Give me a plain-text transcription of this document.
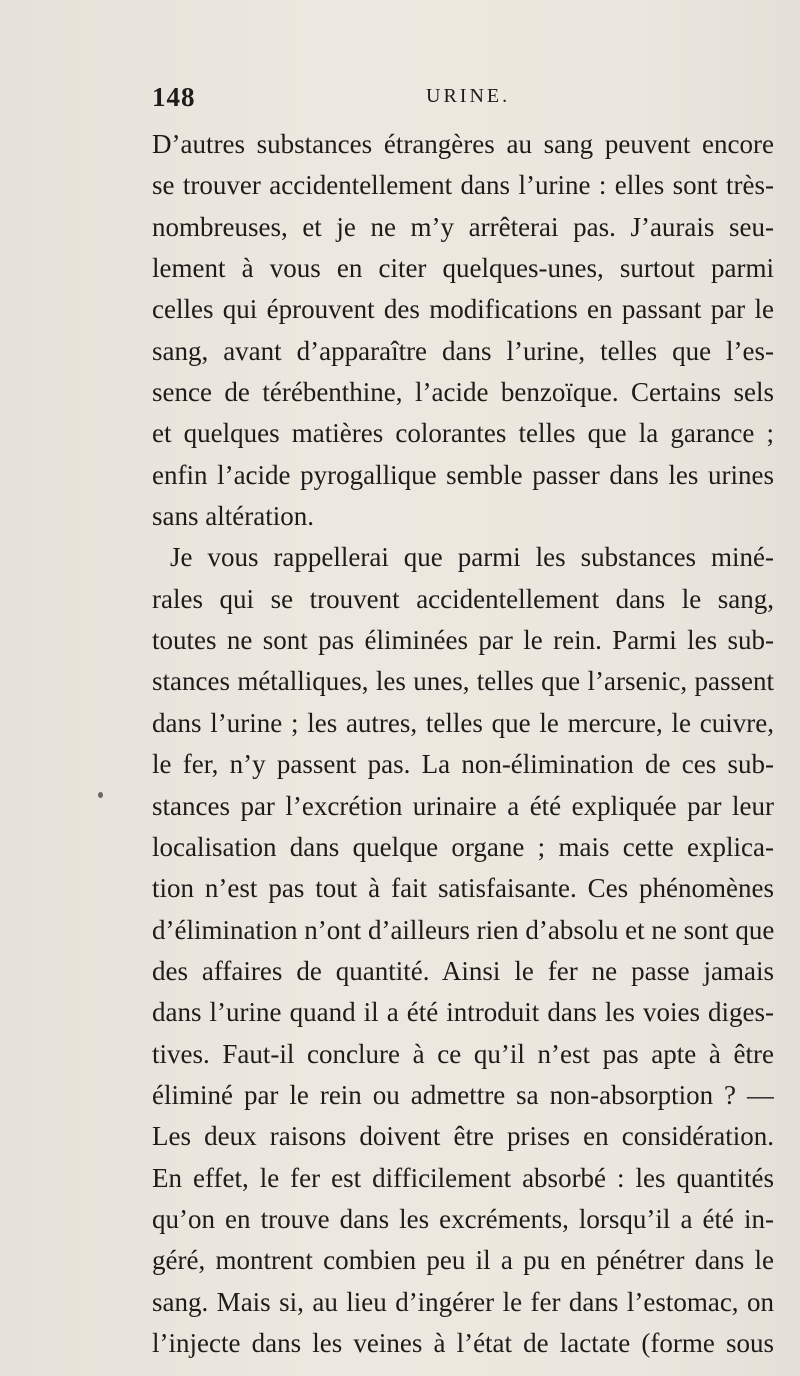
148	URINE.
D’autres substances étrangères au sang peuvent encore
se trouver accidentellement dans l’urine : elles sont très-
nombreuses, et je ne m’y arrêterai pas. J’aurais seu-
lement à vous en citer quelques-unes, surtout parmi
celles qui éprouvent des modifications en passant par le
sang, avant d’apparaître dans l’urine, telles que l’es-
sence de térébenthine, l’acide benzoïque. Certains sels
et quelques matières colorantes telles que la garance ;
enfin l’acide pyrogallique semble passer dans les urines
sans altération.
Je vous rappellerai que parmi les substances miné-
rales qui se trouvent accidentellement dans le sang,
toutes ne sont pas éliminées par le rein. Parmi les sub-
stances métalliques, les unes, telles que l’arsenic, passent
dans l’urine ; les autres, telles que le mercure, le cuivre,
le fer, n’y passent pas. La non-élimination de ces sub-
stances par l’excrétion urinaire a été expliquée par leur
localisation dans quelque organe ; mais cette explica-
tion n’est pas tout à fait satisfaisante. Ces phénomènes
d’élimination n’ont d’ailleurs rien d’absolu et ne sont que
des affaires de quantité. Ainsi le fer ne passe jamais
dans l’urine quand il a été introduit dans les voies diges-
tives. Faut-il conclure à ce qu’il n’est pas apte à être
éliminé par le rein ou admettre sa non-absorption ? —
Les deux raisons doivent être prises en considération.
En effet, le fer est difficilement absorbé : les quantités
qu’on en trouve dans les excréments, lorsqu’il a été in-
géré, montrent combien peu il a pu en pénétrer dans le
sang. Mais si, au lieu d’ingérer le fer dans l’estomac, on
l’injecte dans les veines à l’état de lactate (forme sous
